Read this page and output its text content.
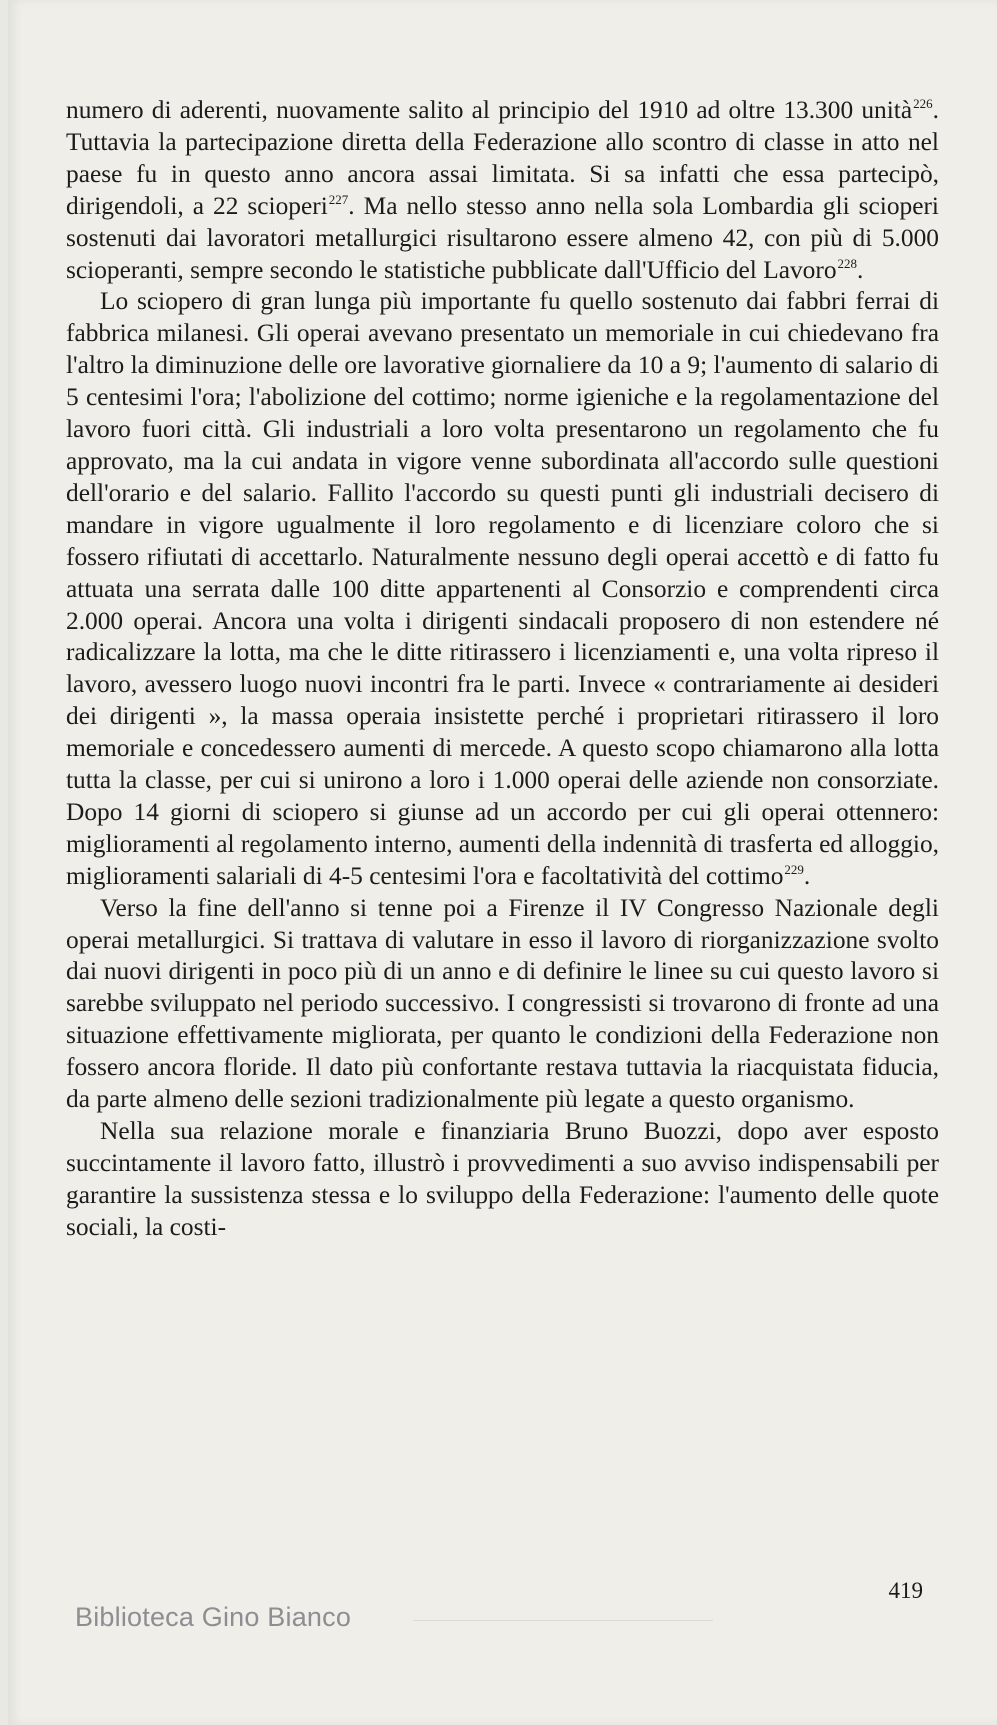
numero di aderenti, nuovamente salito al principio del 1910 ad oltre 13.300 unità$^{226}$. Tuttavia la partecipazione diretta della Federazione allo scontro di classe in atto nel paese fu in questo anno ancora assai limitata. Si sa infatti che essa partecipò, dirigendoli, a 22 scioperi$^{227}$. Ma nello stesso anno nella sola Lombardia gli scioperi sostenuti dai lavoratori metallurgici risultarono essere almeno 42, con più di 5.000 scioperanti, sempre secondo le statistiche pubblicate dall'Ufficio del Lavoro$^{228}$.

Lo sciopero di gran lunga più importante fu quello sostenuto dai fabbri ferrai di fabbrica milanesi. Gli operai avevano presentato un memoriale in cui chiedevano fra l'altro la diminuzione delle ore lavorative giornaliere da 10 a 9; l'aumento di salario di 5 centesimi l'ora; l'abolizione del cottimo; norme igieniche e la regolamentazione del lavoro fuori città. Gli industriali a loro volta presentarono un regolamento che fu approvato, ma la cui andata in vigore venne subordinata all'accordo sulle questioni dell'orario e del salario. Fallito l'accordo su questi punti gli industriali decisero di mandare in vigore ugualmente il loro regolamento e di licenziare coloro che si fossero rifiutati di accettarlo. Naturalmente nessuno degli operai accettò e di fatto fu attuata una serrata dalle 100 ditte appartenenti al Consorzio e comprendenti circa 2.000 operai. Ancora una volta i dirigenti sindacali proposero di non estendere né radicalizzare la lotta, ma che le ditte ritirassero i licenziamenti e, una volta ripreso il lavoro, avessero luogo nuovi incontri fra le parti. Invece « contrariamente ai desideri dei dirigenti », la massa operaia insistette perché i proprietari ritirassero il loro memoriale e concedessero aumenti di mercede. A questo scopo chiamarono alla lotta tutta la classe, per cui si unirono a loro i 1.000 operai delle aziende non consorziate. Dopo 14 giorni di sciopero si giunse ad un accordo per cui gli operai ottennero: miglioramenti al regolamento interno, aumenti della indennità di trasferta ed alloggio, miglioramenti salariali di 4-5 centesimi l'ora e facoltatività del cottimo$^{229}$.

Verso la fine dell'anno si tenne poi a Firenze il IV Congresso Nazionale degli operai metallurgici. Si trattava di valutare in esso il lavoro di riorganizzazione svolto dai nuovi dirigenti in poco più di un anno e di definire le linee su cui questo lavoro si sarebbe sviluppato nel periodo successivo. I congressisti si trovarono di fronte ad una situazione effettivamente migliorata, per quanto le condizioni della Federazione non fossero ancora floride. Il dato più confortante restava tuttavia la riacquistata fiducia, da parte almeno delle sezioni tradizionalmente più legate a questo organismo.

Nella sua relazione morale e finanziaria Bruno Buozzi, dopo aver esposto succintamente il lavoro fatto, illustrò i provvedimenti a suo avviso indispensabili per garantire la sussistenza stessa e lo sviluppo della Federazione: l'aumento delle quote sociali, la costi-

419
Biblioteca Gino Bianco
